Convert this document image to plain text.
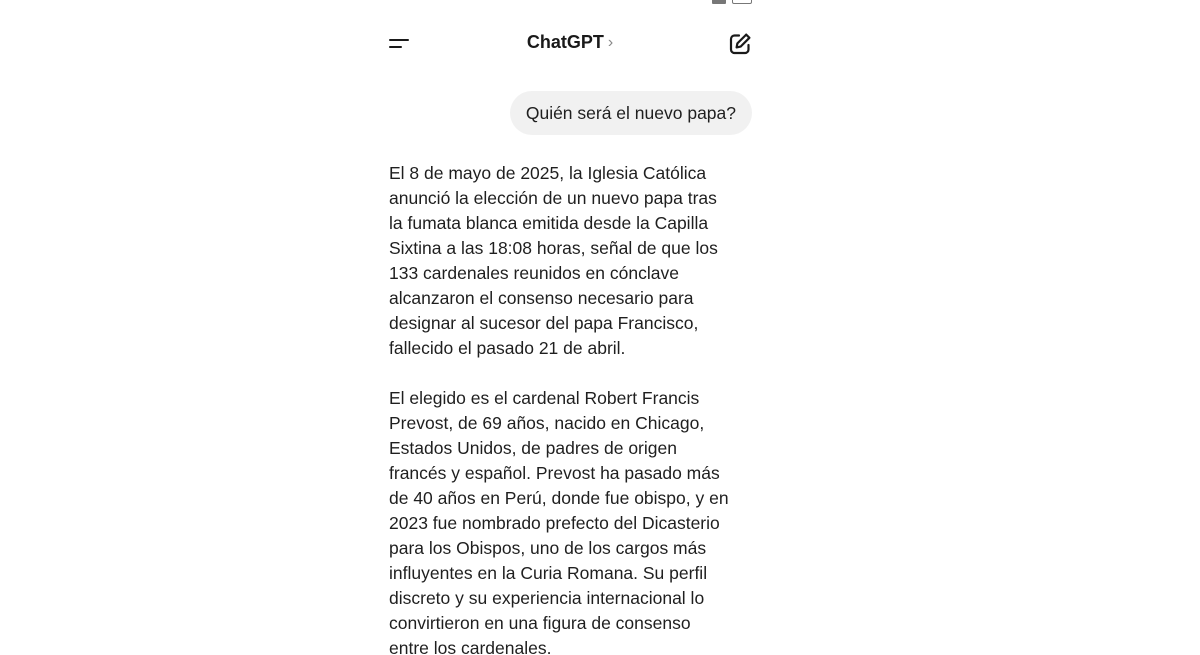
ChatGPT ›
Quién será el nuevo papa?

El 8 de mayo de 2025, la Iglesia Católica
anunció la elección de un nuevo papa tras
la fumata blanca emitida desde la Capilla
Sixtina a las 18:08 horas, señal de que los
133 cardenales reunidos en cónclave
alcanzaron el consenso necesario para
designar al sucesor del papa Francisco,
fallecido el pasado 21 de abril.

El elegido es el cardenal Robert Francis
Prevost, de 69 años, nacido en Chicago,
Estados Unidos, de padres de origen
francés y español. Prevost ha pasado más
de 40 años en Perú, donde fue obispo, y en
2023 fue nombrado prefecto del Dicasterio
para los Obispos, uno de los cargos más
influyentes en la Curia Romana. Su perfil
discreto y su experiencia internacional lo
convirtieron en una figura de consenso
entre los cardenales.
